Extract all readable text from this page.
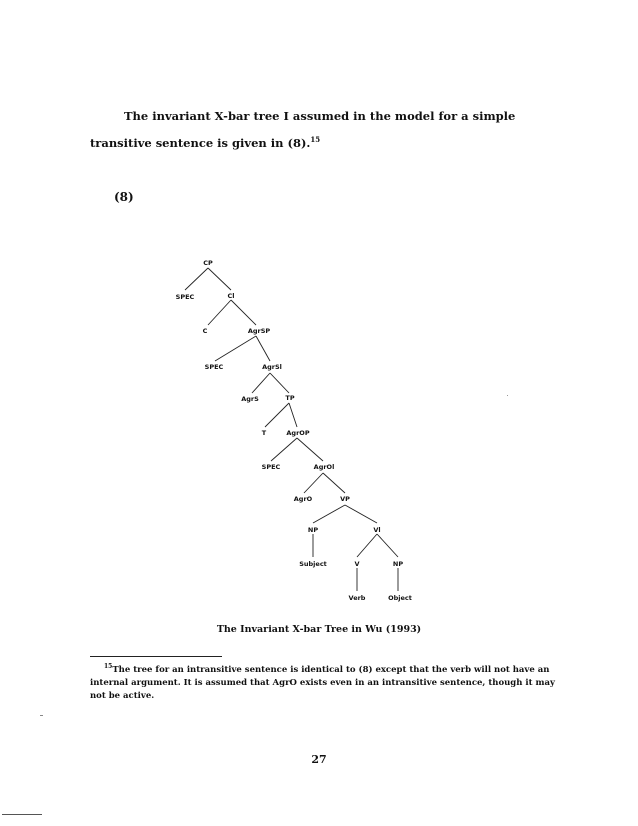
The invariant X-bar tree I assumed in the model for a simple transitive sentence is given in (8).$^{15}$

(8)
CP
SPEC	Cl
C	AgrSP
SPEC	AgrSl
AgrS	TP
T	AgrOP
SPEC	AgrOl
AgrO	VP
NP	Vl
Subject	V	NP
Verb	Object
The Invariant X-bar Tree in Wu (1993)

$^{15}$The tree for an intransitive sentence is identical to (8) except that the verb will not have an internal argument. It is assumed that AgrO exists even in an intransitive sentence, though it may not be active.

27
